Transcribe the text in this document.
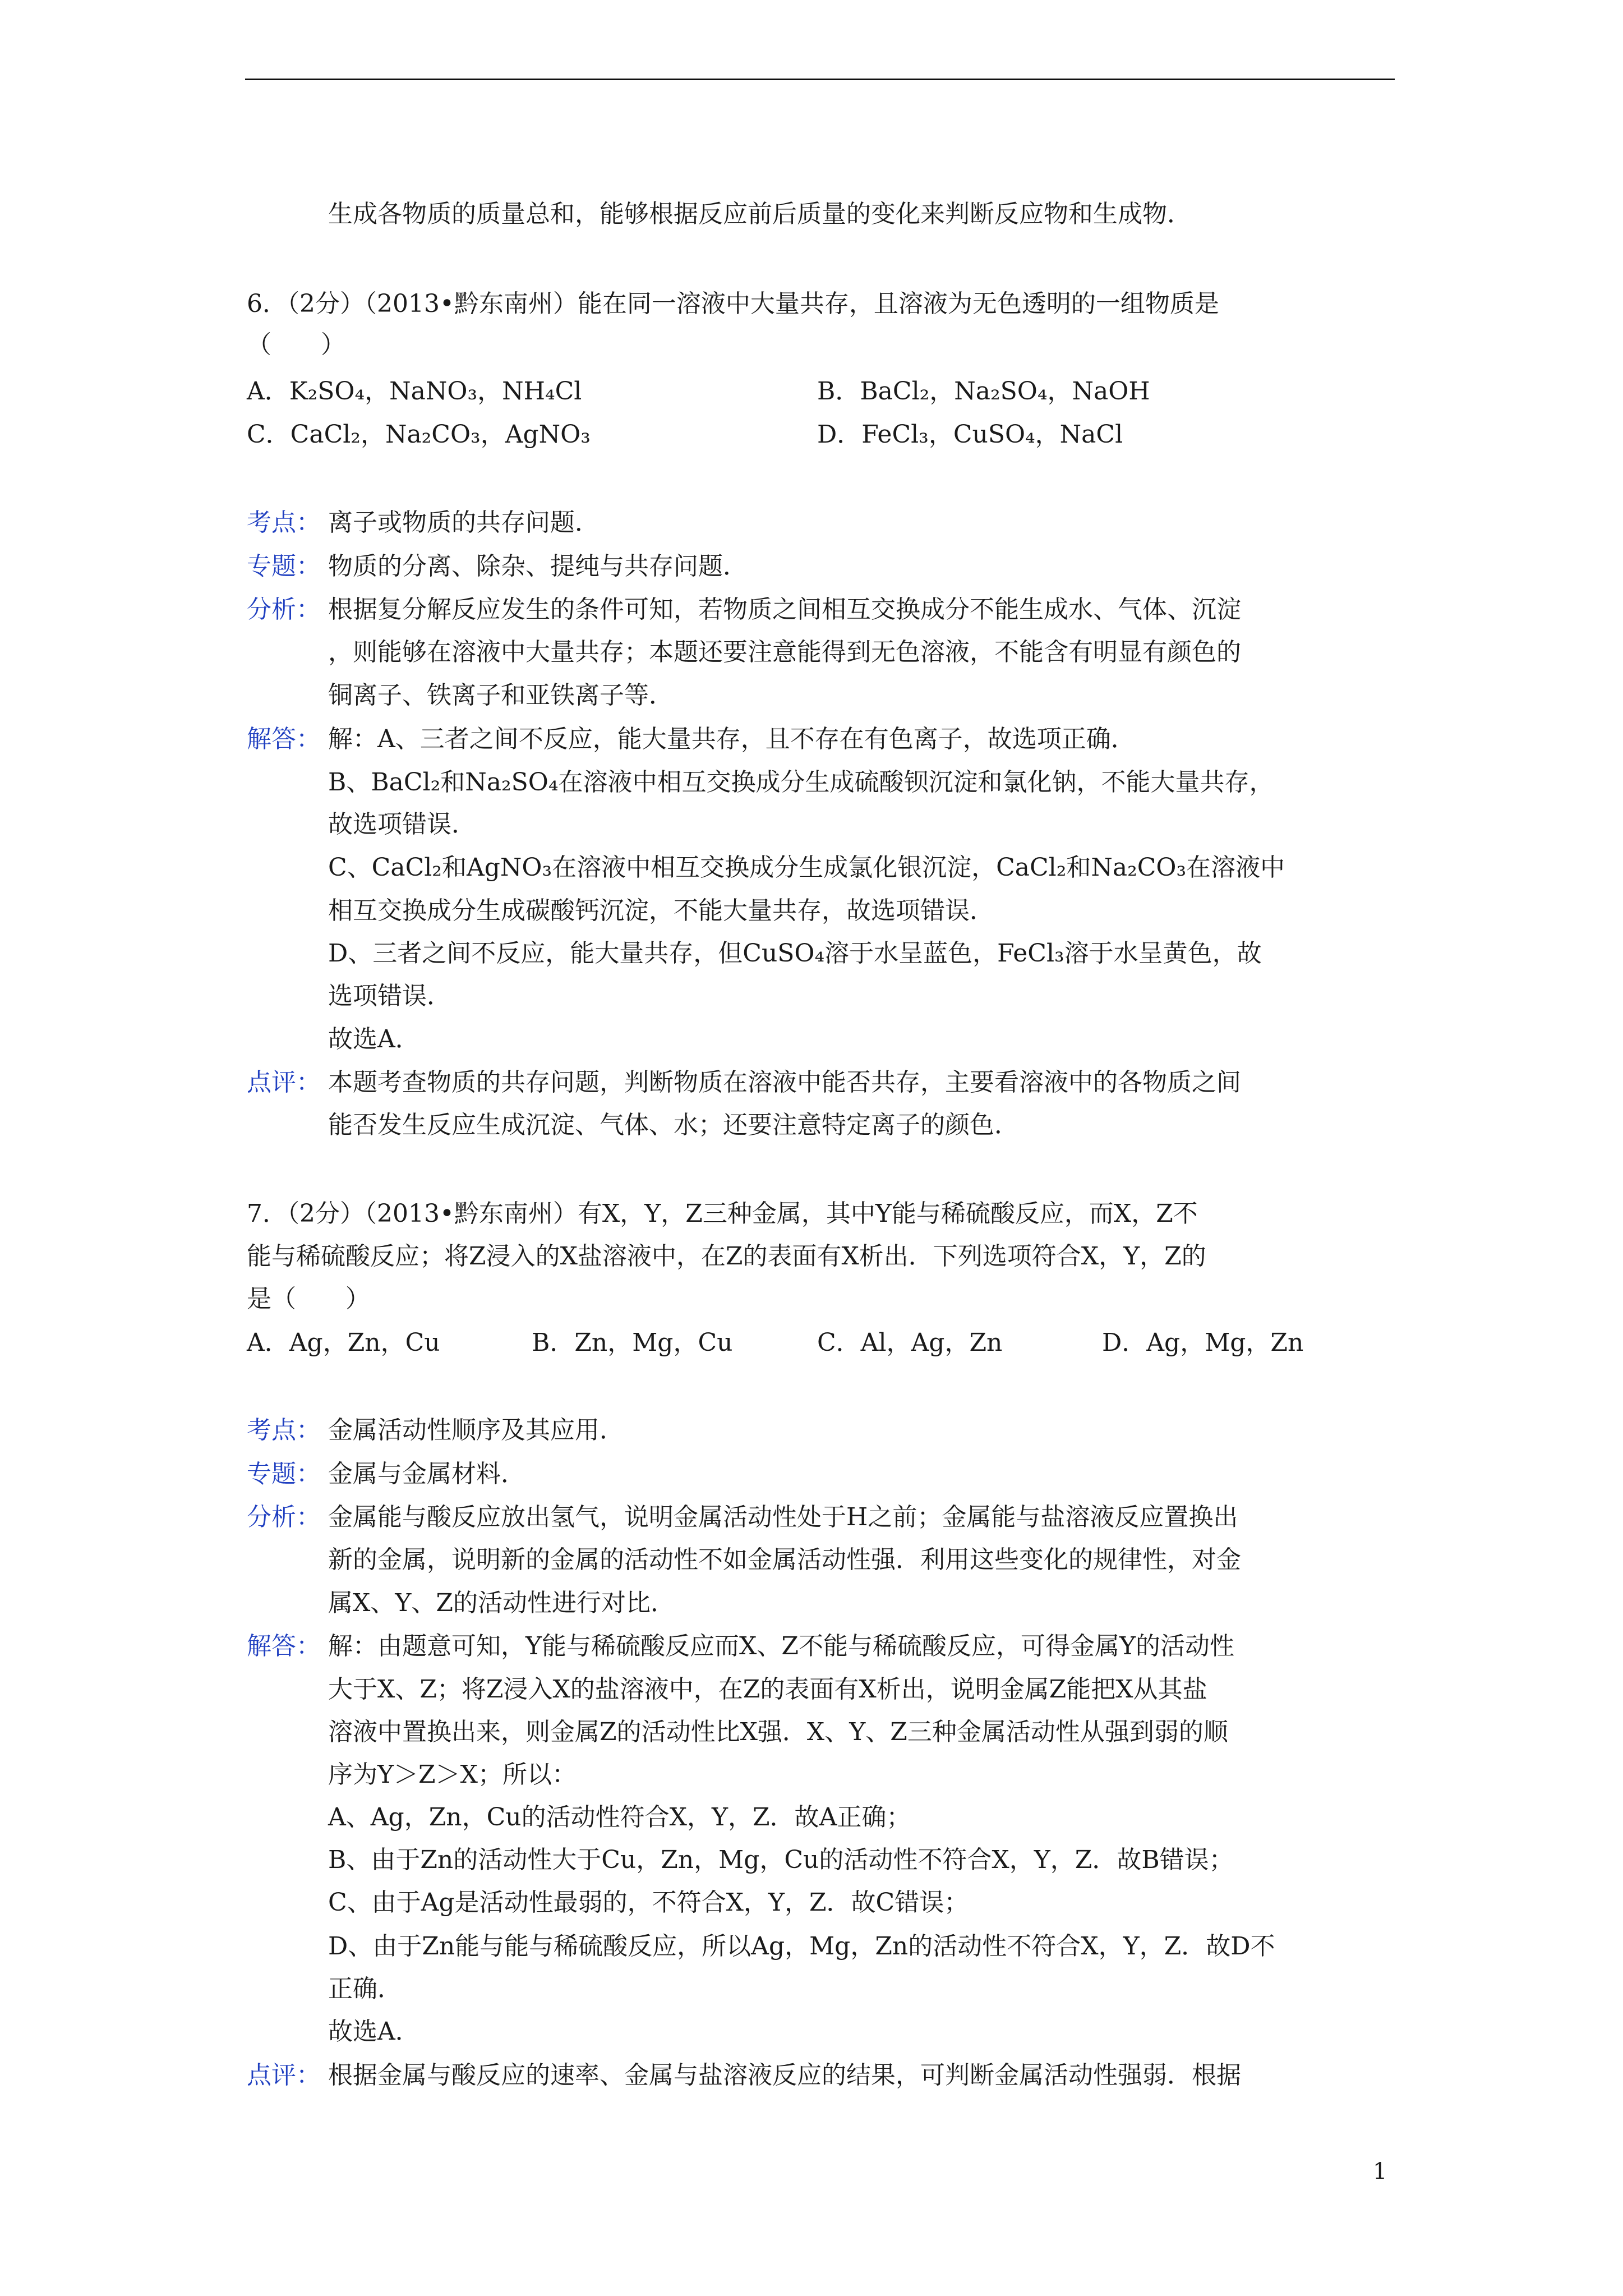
生成各物质的质量总和，能够根据反应前后质量的变化来判断反应物和生成物．
6．（2分）（2013•黔东南州）能在同一溶液中大量共存，且溶液为无色透明的一组物质是
（　　）
A．K₂SO₄，NaNO₃，NH₄Cl	B．BaCl₂，Na₂SO₄，NaOH
C．CaCl₂，Na₂CO₃，AgNO₃	D．FeCl₃，CuSO₄，NaCl
考点： 离子或物质的共存问题．
专题： 物质的分离、除杂、提纯与共存问题．
分析： 根据复分解反应发生的条件可知，若物质之间相互交换成分不能生成水、气体、沉淀
，则能够在溶液中大量共存；本题还要注意能得到无色溶液，不能含有明显有颜色的
铜离子、铁离子和亚铁离子等．
解答： 解：A、三者之间不反应，能大量共存，且不存在有色离子，故选项正确．
B、BaCl₂和Na₂SO₄在溶液中相互交换成分生成硫酸钡沉淀和氯化钠，不能大量共存，
故选项错误．
C、CaCl₂和AgNO₃在溶液中相互交换成分生成氯化银沉淀，CaCl₂和Na₂CO₃在溶液中
相互交换成分生成碳酸钙沉淀，不能大量共存，故选项错误．
D、三者之间不反应，能大量共存，但CuSO₄溶于水呈蓝色，FeCl₃溶于水呈黄色，故
选项错误．
故选A．
点评： 本题考查物质的共存问题，判断物质在溶液中能否共存，主要看溶液中的各物质之间
能否发生反应生成沉淀、气体、水；还要注意特定离子的颜色．
7．（2分）（2013•黔东南州）有X，Y，Z三种金属，其中Y能与稀硫酸反应，而X，Z不
能与稀硫酸反应；将Z浸入的X盐溶液中，在Z的表面有X析出．下列选项符合X，Y，Z的
是（　　）
A．Ag，Zn，Cu	B．Zn，Mg，Cu	C．Al，Ag，Zn	D．Ag，Mg，Zn
考点： 金属活动性顺序及其应用．
专题： 金属与金属材料．
分析： 金属能与酸反应放出氢气，说明金属活动性处于H之前；金属能与盐溶液反应置换出
新的金属，说明新的金属的活动性不如金属活动性强．利用这些变化的规律性，对金
属X、Y、Z的活动性进行对比．
解答： 解：由题意可知，Y能与稀硫酸反应而X、Z不能与稀硫酸反应，可得金属Y的活动性
大于X、Z；将Z浸入X的盐溶液中，在Z的表面有X析出，说明金属Z能把X从其盐
溶液中置换出来，则金属Z的活动性比X强．X、Y、Z三种金属活动性从强到弱的顺
序为Y＞Z＞X；所以：
A、Ag，Zn，Cu的活动性符合X，Y，Z．故A正确；
B、由于Zn的活动性大于Cu，Zn，Mg，Cu的活动性不符合X，Y，Z．故B错误；
C、由于Ag是活动性最弱的，不符合X，Y，Z．故C错误；
D、由于Zn能与能与稀硫酸反应，所以Ag，Mg，Zn的活动性不符合X，Y，Z．故D不
正确．
故选A．
点评： 根据金属与酸反应的速率、金属与盐溶液反应的结果，可判断金属活动性强弱．根据
1
